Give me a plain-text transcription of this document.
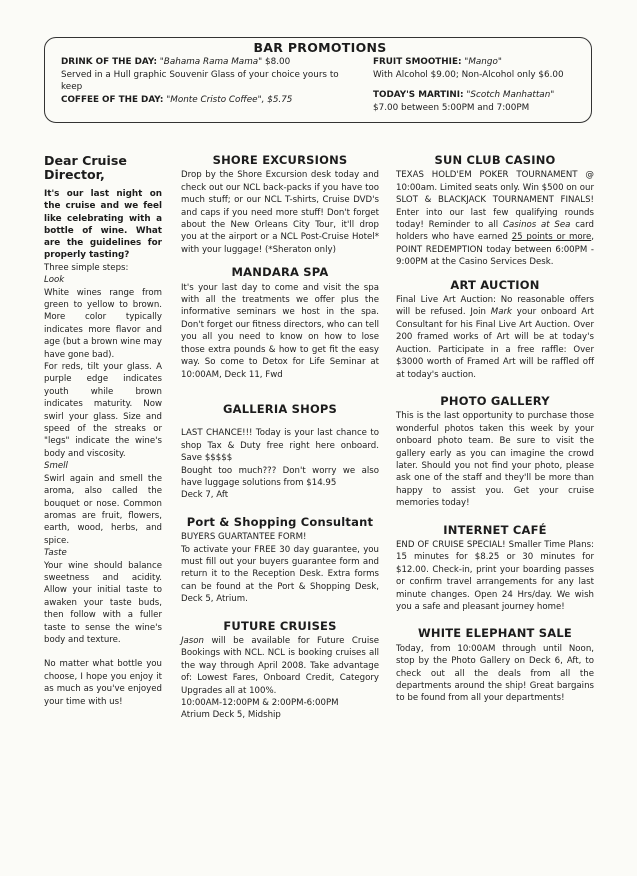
BAR PROMOTIONS
DRINK OF THE DAY: "Bahama Rama Mama" $8.00
Served in a Hull graphic Souvenir Glass of your choice yours to keep
COFFEE OF THE DAY: "Monte Cristo Coffee", $5.75
FRUIT SMOOTHIE: "Mango"
With Alcohol $9.00; Non-Alcohol only $6.00
TODAY'S MARTINI: "Scotch Manhattan"
$7.00 between 5:00PM and 7:00PM
Dear Cruise Director,

It's our last night on the cruise and we feel like celebrating with a bottle of wine. What are the guidelines for properly tasting?

Three simple steps:

Look

White wines range from green to yellow to brown. More color typically indicates more flavor and age (but a brown wine may have gone bad).

For reds, tilt your glass. A purple edge indicates youth while brown indicates maturity. Now swirl your glass. Size and speed of the streaks or "legs" indicate the wine's body and viscosity.

Smell

Swirl again and smell the aroma, also called the bouquet or nose. Common aromas are fruit, flowers, earth, wood, herbs, and spice.

Taste

Your wine should balance sweetness and acidity. Allow your initial taste to awaken your taste buds, then follow with a fuller taste to sense the wine's body and texture.

No matter what bottle you choose, I hope you enjoy it as much as you've enjoyed your time with us!

SHORE EXCURSIONS

Drop by the Shore Excursion desk today and check out our NCL back-packs if you have too much stuff; or our NCL T-shirts, Cruise DVD's and caps if you need more stuff! Don't forget about the New Orleans City Tour, it'll drop you at the airport or a NCL Post-Cruise Hotel* with your luggage! (*Sheraton only)

MANDARA SPA

It's your last day to come and visit the spa with all the treatments we offer plus the informative seminars we host in the spa. Don't forget our fitness directors, who can tell you all you need to know on how to lose those extra pounds & how to get fit the easy way. So come to Detox for Life Seminar at 10:00AM, Deck 11, Fwd

GALLERIA SHOPS

LAST CHANCE!!! Today is your last chance to shop Tax & Duty free right here onboard. Save $$$$$

Bought too much??? Don't worry we also have luggage solutions from $14.95

Deck 7, Aft

Port & Shopping Consultant

BUYERS GUARTANTEE FORM!

To activate your FREE 30 day guarantee, you must fill out your buyers guarantee form and return it to the Reception Desk. Extra forms can be found at the Port & Shopping Desk, Deck 5, Atrium.

FUTURE CRUISES

Jason will be available for Future Cruise Bookings with NCL. NCL is booking cruises all the way through April 2008. Take advantage of: Lowest Fares, Onboard Credit, Category Upgrades all at 100%.

10:00AM-12:00PM & 2:00PM-6:00PM

Atrium Deck 5, Midship

SUN CLUB CASINO

TEXAS HOLD'EM POKER TOURNAMENT @ 10:00am. Limited seats only. Win $500 on our SLOT & BLACKJACK TOURNAMENT FINALS! Enter into our last few qualifying rounds today! Reminder to all Casinos at Sea card holders who have earned 25 points or more, POINT REDEMPTION today between 6:00PM - 9:00PM at the Casino Services Desk.

ART AUCTION

Final Live Art Auction: No reasonable offers will be refused. Join Mark your onboard Art Consultant for his Final Live Art Auction. Over 200 framed works of Art will be at today's Auction. Participate in a free raffle: Over $3000 worth of Framed Art will be raffled off at today's auction.

PHOTO GALLERY

This is the last opportunity to purchase those wonderful photos taken this week by your onboard photo team. Be sure to visit the gallery early as you can imagine the crowd later. Should you not find your photo, please ask one of the staff and they'll be more than happy to assist you. Get your cruise memories today!

INTERNET CAFÉ

END OF CRUISE SPECIAL! Smaller Time Plans: 15 minutes for $8.25 or 30 minutes for $12.00. Check-in, print your boarding passes or confirm travel arrangements for any last minute changes. Open 24 Hrs/day. We wish you a safe and pleasant journey home!

WHITE ELEPHANT SALE

Today, from 10:00AM through until Noon, stop by the Photo Gallery on Deck 6, Aft, to check out all the deals from all the departments around the ship! Great bargains to be found from all your departments!
